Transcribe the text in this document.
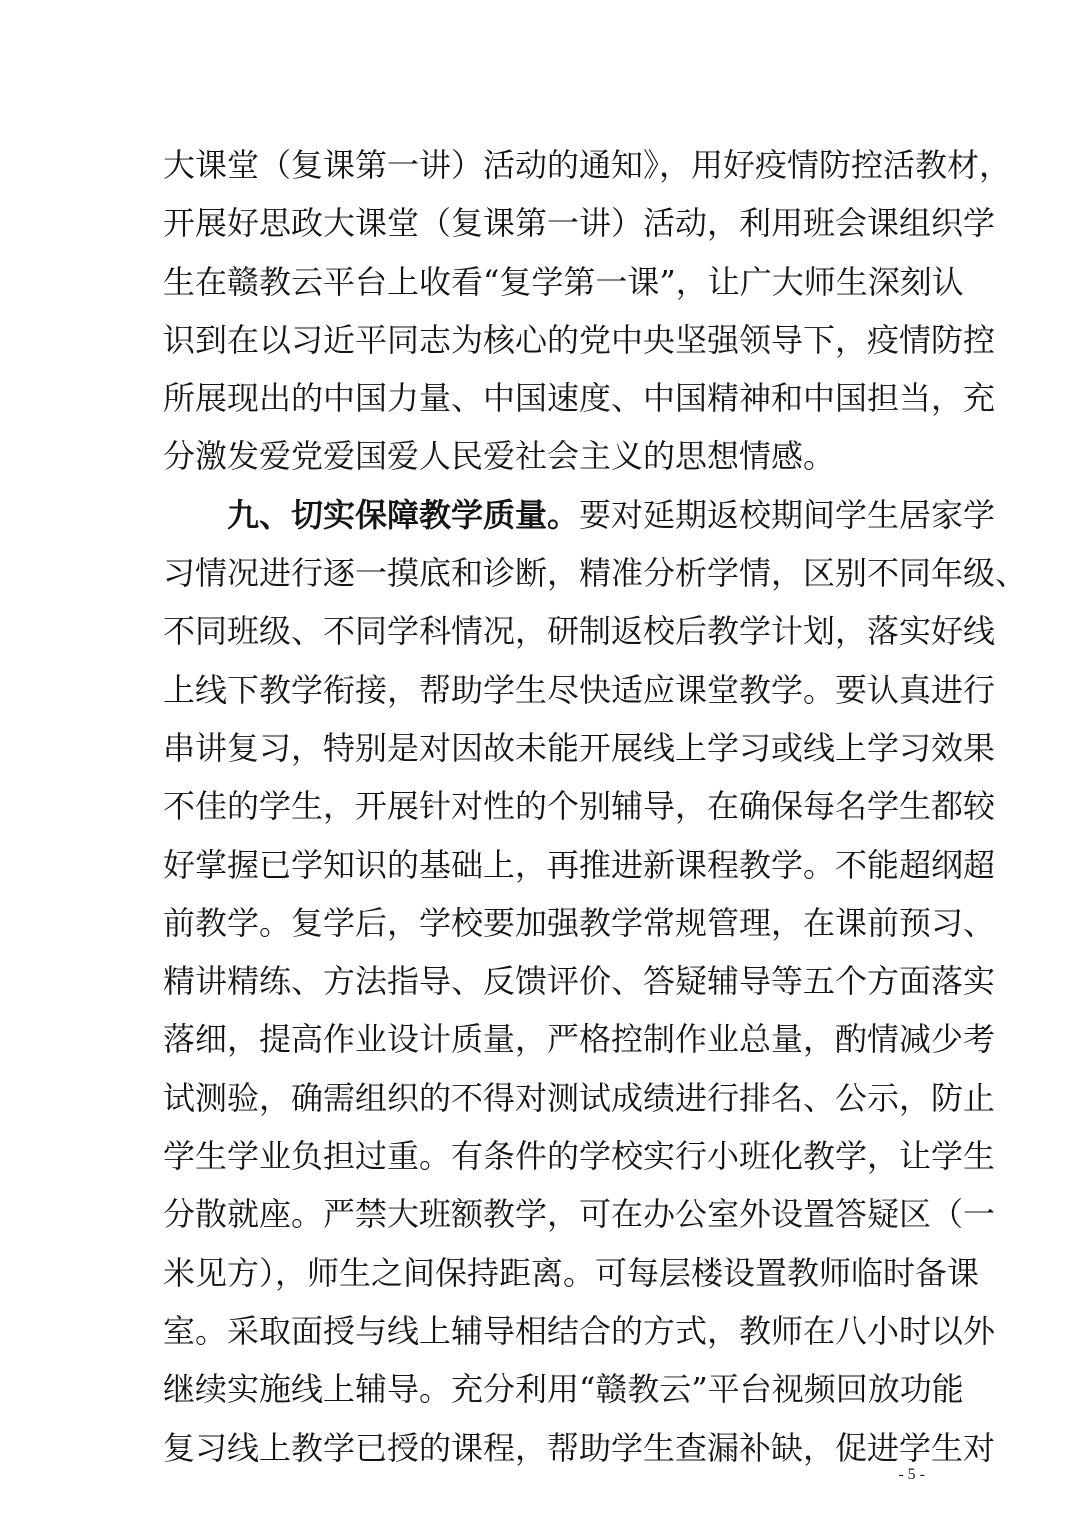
大课堂（复课第一讲）活动的通知》，用好疫情防控活教材，
开展好思政大课堂（复课第一讲）活动，利用班会课组织学
生在赣教云平台上收看“复学第一课”，让广大师生深刻认
识到在以习近平同志为核心的党中央坚强领导下，疫情防控
所展现出的中国力量、中国速度、中国精神和中国担当，充
分激发爱党爱国爱人民爱社会主义的思想情感。
九、切实保障教学质量。要对延期返校期间学生居家学
习情况进行逐一摸底和诊断，精准分析学情，区别不同年级、
不同班级、不同学科情况，研制返校后教学计划，落实好线
上线下教学衔接，帮助学生尽快适应课堂教学。要认真进行
串讲复习，特别是对因故未能开展线上学习或线上学习效果
不佳的学生，开展针对性的个别辅导，在确保每名学生都较
好掌握已学知识的基础上，再推进新课程教学。不能超纲超
前教学。复学后，学校要加强教学常规管理，在课前预习、
精讲精练、方法指导、反馈评价、答疑辅导等五个方面落实
落细，提高作业设计质量，严格控制作业总量，酌情减少考
试测验，确需组织的不得对测试成绩进行排名、公示，防止
学生学业负担过重。有条件的学校实行小班化教学，让学生
分散就座。严禁大班额教学，可在办公室外设置答疑区（一
米见方），师生之间保持距离。可每层楼设置教师临时备课
室。采取面授与线上辅导相结合的方式，教师在八小时以外
继续实施线上辅导。充分利用“赣教云”平台视频回放功能
复习线上教学已授的课程，帮助学生查漏补缺，促进学生对
- 5 -
